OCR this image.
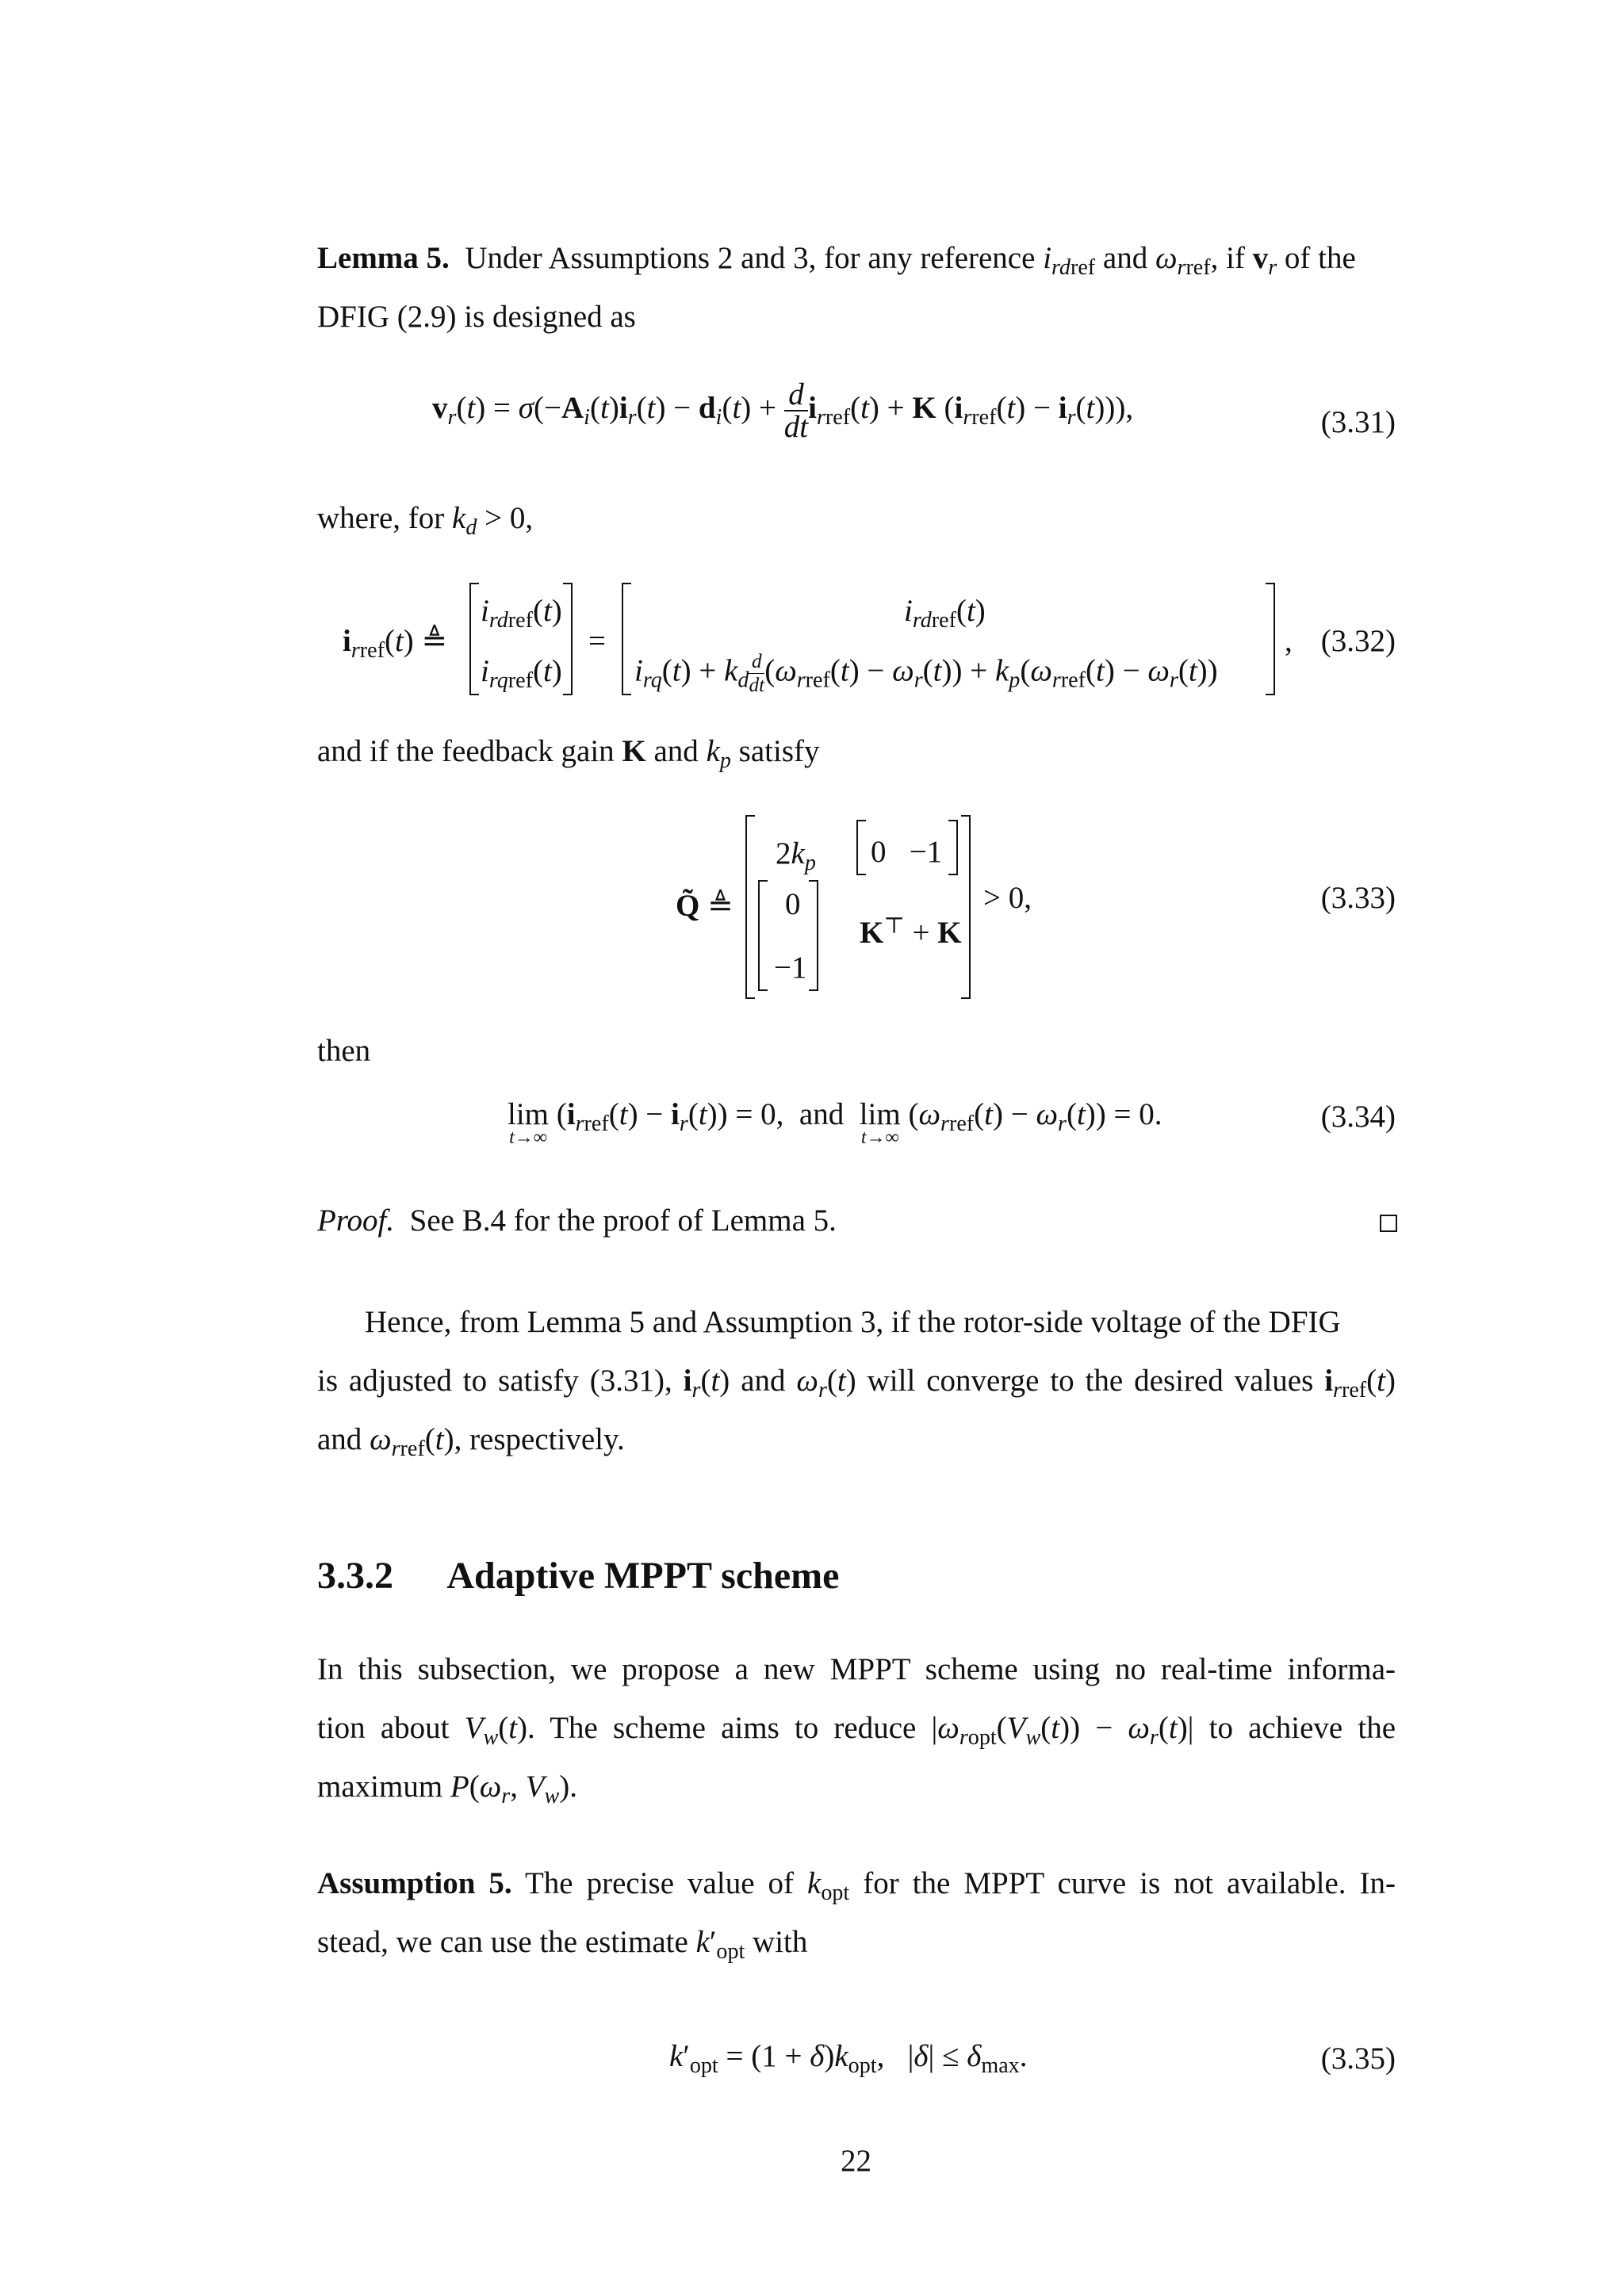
Lemma 5. Under Assumptions 2 and 3, for any reference $i_{rdref}$ and $\omega_{rref}$, if $v_r$ of the
DFIG (2.9) is designed as
$v_r(t) = \sigma(-A_i(t)i_r(t) - d_i(t) + \frac{d}{dt} i_{rref}(t) + K$ $(i_{rref}(t) - i_r(t))$),	(3.31)
where, for $k_d > 0$,
$i_{rref}(t)$ ≜
$i_{rdref}(t)$
$i_{rqref}(t)$
=
$i_{rdref}(t)$
$i_{rq}(t) + k_d \frac{d}{dt} (\omega_{rref}(t) - \omega_r(t)) + k_p(\omega_{rref}(t) - \omega_r(t))$
, (3.32)
and if the feedback gain K and $k_p$ satisfy
Q̃ ≜
$2k_p$ 0   −1
0
−1
K⊤ + K
> 0,	(3.33)
then
lim
t→∞
$(i_{rref}(t) - i_r(t)) = 0$,  and lim
t→∞
$(\omega_{rref}(t) - \omega_r(t)) = 0$.	(3.34)
Proof. See B.4 for the proof of Lemma 5.
Hence, from Lemma 5 and Assumption 3, if the rotor-side voltage of the DFIG
is adjusted to satisfy (3.31), $i_r(t)$ and $\omega_r(t)$ will converge to the desired values $i_{rref}(t)$
and $\omega_{rref}(t)$, respectively.
3.3.2 Adaptive MPPT scheme
In this subsection, we propose a new MPPT scheme using no real-time informa-
tion about $V_w(t)$. The scheme aims to reduce $|\omega_{ropt}(V_w(t)) - \omega_r(t)|$ to achieve the
maximum $P(\omega_r$, $V_w$).
Assumption 5. The precise value of $k_{opt}$ for the MPPT curve is not available. In-
stead, we can use the estimate $k'_{opt}$ with
$k'_{opt} = (1 + \delta)k_{opt}$,   $|\delta| \le \delta_{max}$.	(3.35)
22
